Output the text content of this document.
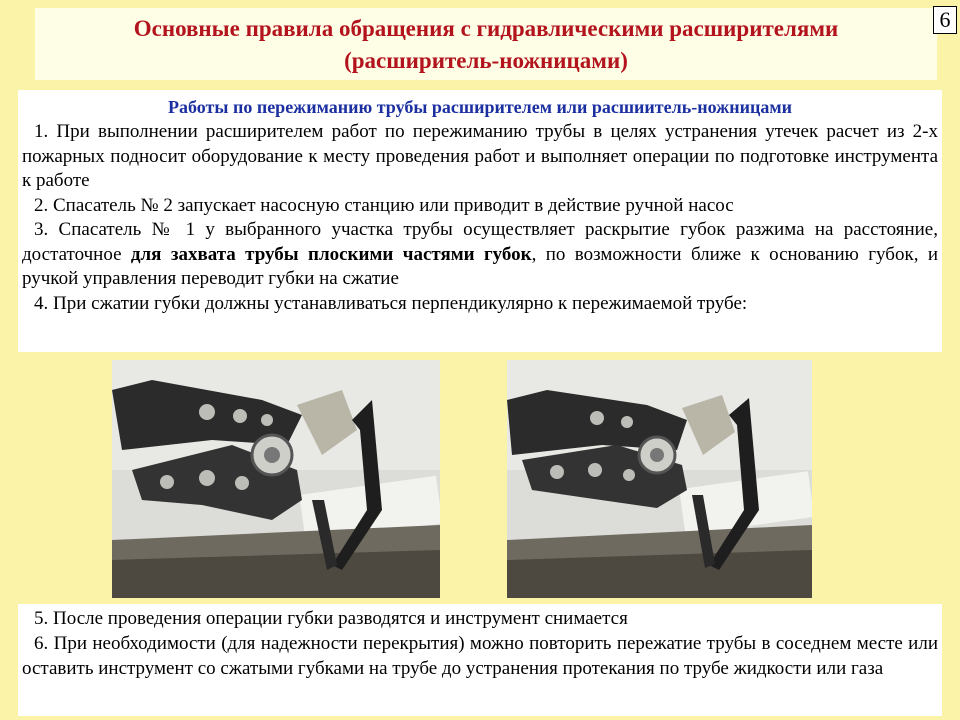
Основные правила обращения с гидравлическими расширителями
(расширитель-ножницами)
6
Работы по пережиманию трубы расширителем или расшиитель-ножницами
1. При выполнении расширителем работ по пережиманию трубы в целях устранения утечек расчет из 2-х пожарных подносит оборудование к месту проведения работ и выполняет операции по подготовке инструмента к работе
2. Спасатель № 2 запускает насосную станцию или приводит в действие ручной насос
3. Спасатель № 1 у выбранного участка трубы осуществляет раскрытие губок разжима на расстояние, достаточное для захвата трубы плоскими частями губок, по возможности ближе к основанию губок, и ручкой управления переводит губки на сжатие
4. При сжатии губки должны устанавливаться перпендикулярно к пережимаемой трубе:
5. После проведения операции губки разводятся и инструмент снимается
6. При необходимости (для надежности перекрытия) можно повторить пережатие трубы в соседнем месте или оставить инструмент со сжатыми губками на трубе до устранения протекания по трубе жидкости или газа
